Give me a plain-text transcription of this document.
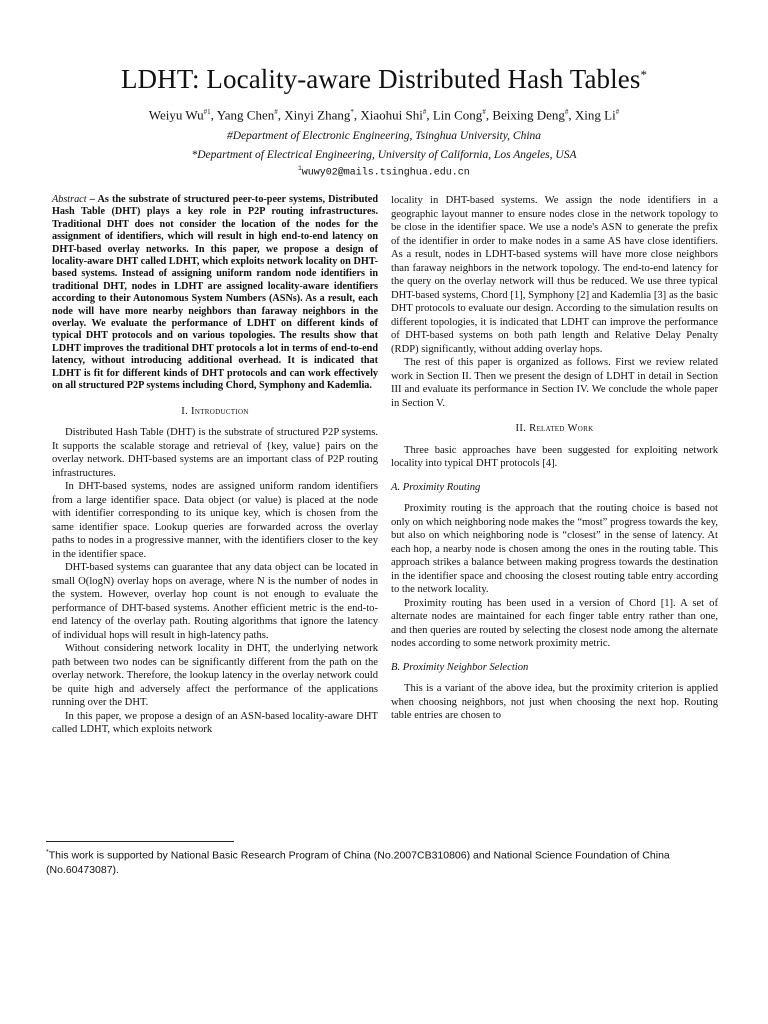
LDHT: Locality-aware Distributed Hash Tables*
Weiyu Wu$^{\#1}$, Yang Chen#, Xinyi Zhang*, Xiaohui Shi#, Lin Cong#, Beixing Deng#, Xing Li#
#Department of Electronic Engineering, Tsinghua University, China
*Department of Electrical Engineering, University of California, Los Angeles, USA
$^1$wuwy02@mails.tsinghua.edu.cn

Abstract – As the substrate of structured peer-to-peer systems, Distributed Hash Table (DHT) plays a key role in P2P routing infrastructures. Traditional DHT does not consider the location of the nodes for the assignment of identifiers, which will result in high end-to-end latency on DHT-based overlay networks. In this paper, we propose a design of locality-aware DHT called LDHT, which exploits network locality on DHT-based systems. Instead of assigning uniform random node identifiers in traditional DHT, nodes in LDHT are assigned locality-aware identifiers according to their Autonomous System Numbers (ASNs). As a result, each node will have more nearby neighbors than faraway neighbors in the overlay. We evaluate the performance of LDHT on different kinds of typical DHT protocols and on various topologies. The results show that LDHT improves the traditional DHT protocols a lot in terms of end-to-end latency, without introducing additional overhead. It is indicated that LDHT is fit for different kinds of DHT protocols and can work effectively on all structured P2P systems including Chord, Symphony and Kademlia.

I. Introduction

Distributed Hash Table (DHT) is the substrate of structured P2P systems. It supports the scalable storage and retrieval of {key, value} pairs on the overlay network. DHT-based systems are an important class of P2P routing infrastructures.

In DHT-based systems, nodes are assigned uniform random identifiers from a large identifier space. Data object (or value) is placed at the node with identifier corresponding to its unique key, which is chosen from the same identifier space. Lookup queries are forwarded across the overlay paths to nodes in a progressive manner, with the identifiers closer to the key in the identifier space.

DHT-based systems can guarantee that any data object can be located in small O(logN) overlay hops on average, where N is the number of nodes in the system. However, overlay hop count is not enough to evaluate the performance of DHT-based systems. Another efficient metric is the end-to-end latency of the overlay path. Routing algorithms that ignore the latency of individual hops will result in high-latency paths.

Without considering network locality in DHT, the underlying network path between two nodes can be significantly different from the path on the overlay network. Therefore, the lookup latency in the overlay network could be quite high and adversely affect the performance of the applications running over the DHT.

In this paper, we propose a design of an ASN-based locality-aware DHT called LDHT, which exploits network

locality in DHT-based systems. We assign the node identifiers in a geographic layout manner to ensure nodes close in the network topology to be close in the identifier space. We use a node's ASN to generate the prefix of the identifier in order to make nodes in a same AS have close identifiers. As a result, nodes in LDHT-based systems will have more close neighbors than faraway neighbors in the network topology. The end-to-end latency for the query on the overlay network will thus be reduced. We use three typical DHT-based systems, Chord [1], Symphony [2] and Kademlia [3] as the basic DHT protocols to evaluate our design. According to the simulation results on different topologies, it is indicated that LDHT can improve the performance of DHT-based systems on both path length and Relative Delay Penalty (RDP) significantly, without adding overlay hops.

The rest of this paper is organized as follows. First we review related work in Section II. Then we present the design of LDHT in detail in Section III and evaluate its performance in Section IV. We conclude the whole paper in Section V.

II. Related Work

Three basic approaches have been suggested for exploiting network locality into typical DHT protocols [4].

A. Proximity Routing

Proximity routing is the approach that the routing choice is based not only on which neighboring node makes the “most” progress towards the key, but also on which neighboring node is “closest” in the sense of latency. At each hop, a nearby node is chosen among the ones in the routing table. This approach strikes a balance between making progress towards the destination in the identifier space and choosing the closest routing table entry according to the network locality.

Proximity routing has been used in a version of Chord [1]. A set of alternate nodes are maintained for each finger table entry rather than one, and then queries are routed by selecting the closest node among the alternate nodes according to some network proximity metric.

B. Proximity Neighbor Selection

This is a variant of the above idea, but the proximity criterion is applied when choosing neighbors, not just when choosing the next hop. Routing table entries are chosen to

*This work is supported by National Basic Research Program of China (No.2007CB310806) and National Science Foundation of China (No.60473087).
